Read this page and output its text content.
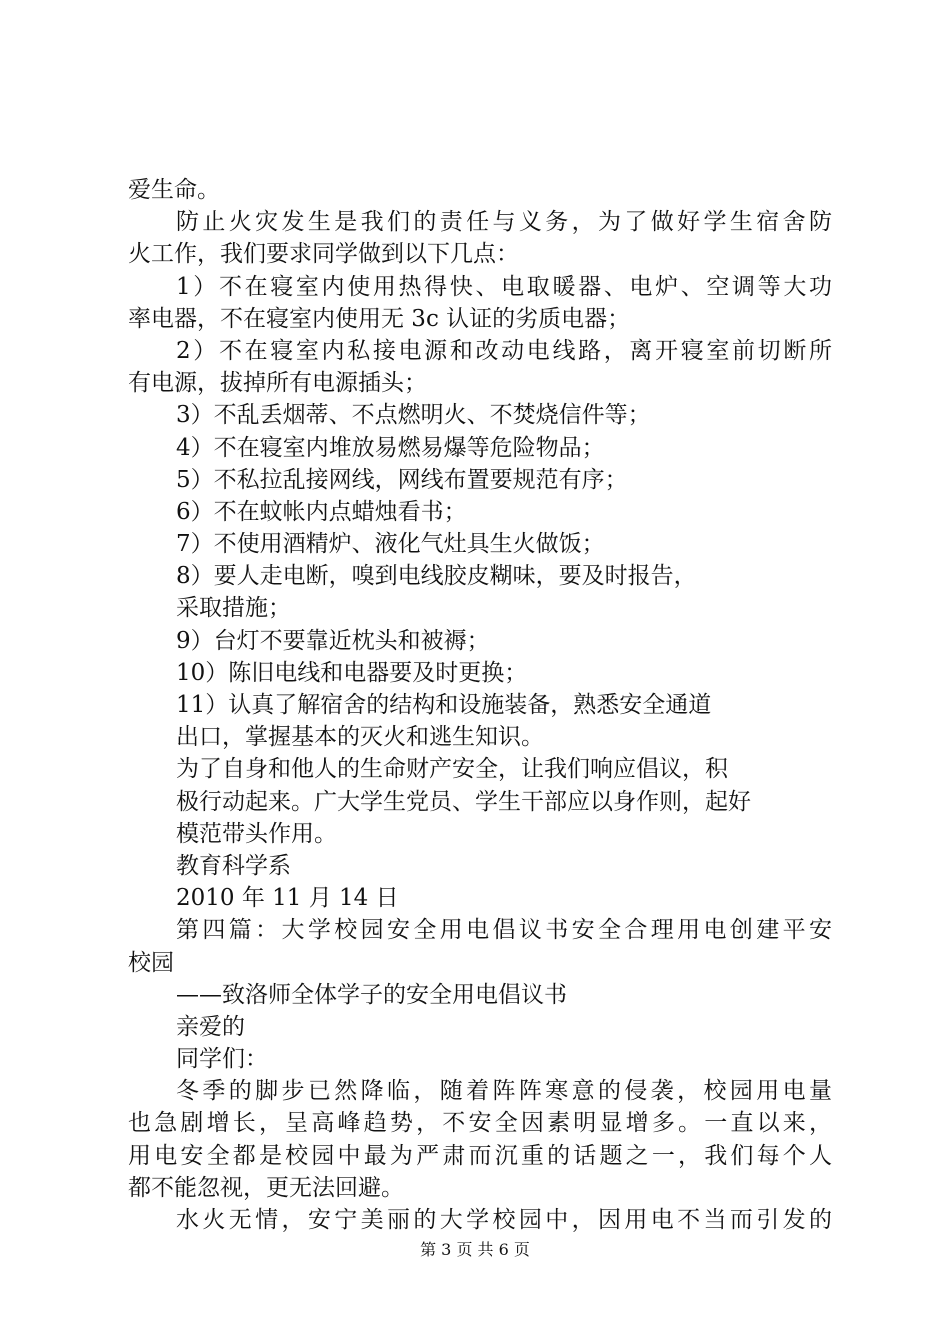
爱生命。
防止火灾发生是我们的责任与义务，为了做好学生宿舍防
火工作，我们要求同学做到以下几点：
1）不在寝室内使用热得快、电取暖器、电炉、空调等大功
率电器，不在寝室内使用无 3c 认证的劣质电器；
2）不在寝室内私接电源和改动电线路，离开寝室前切断所
有电源，拔掉所有电源插头；
3）不乱丢烟蒂、不点燃明火、不焚烧信件等；
4）不在寝室内堆放易燃易爆等危险物品；
5）不私拉乱接网线，网线布置要规范有序；
6）不在蚊帐内点蜡烛看书；
7）不使用酒精炉、液化气灶具生火做饭；
8）要人走电断，嗅到电线胶皮糊味，要及时报告，
采取措施；
9）台灯不要靠近枕头和被褥；
10）陈旧电线和电器要及时更换；
11）认真了解宿舍的结构和设施装备，熟悉安全通道
出口，掌握基本的灭火和逃生知识。
为了自身和他人的生命财产安全，让我们响应倡议，积
极行动起来。广大学生党员、学生干部应以身作则，起好
模范带头作用。
教育科学系
2010 年 11 月 14 日
第四篇：大学校园安全用电倡议书安全合理用电创建平安
校园
——致洛师全体学子的安全用电倡议书
亲爱的
同学们：
冬季的脚步已然降临，随着阵阵寒意的侵袭，校园用电量
也急剧增长，呈高峰趋势，不安全因素明显增多。一直以来，
用电安全都是校园中最为严肃而沉重的话题之一，我们每个人
都不能忽视，更无法回避。
水火无情，安宁美丽的大学校园中，因用电不当而引发的
第 3 页 共 6 页
